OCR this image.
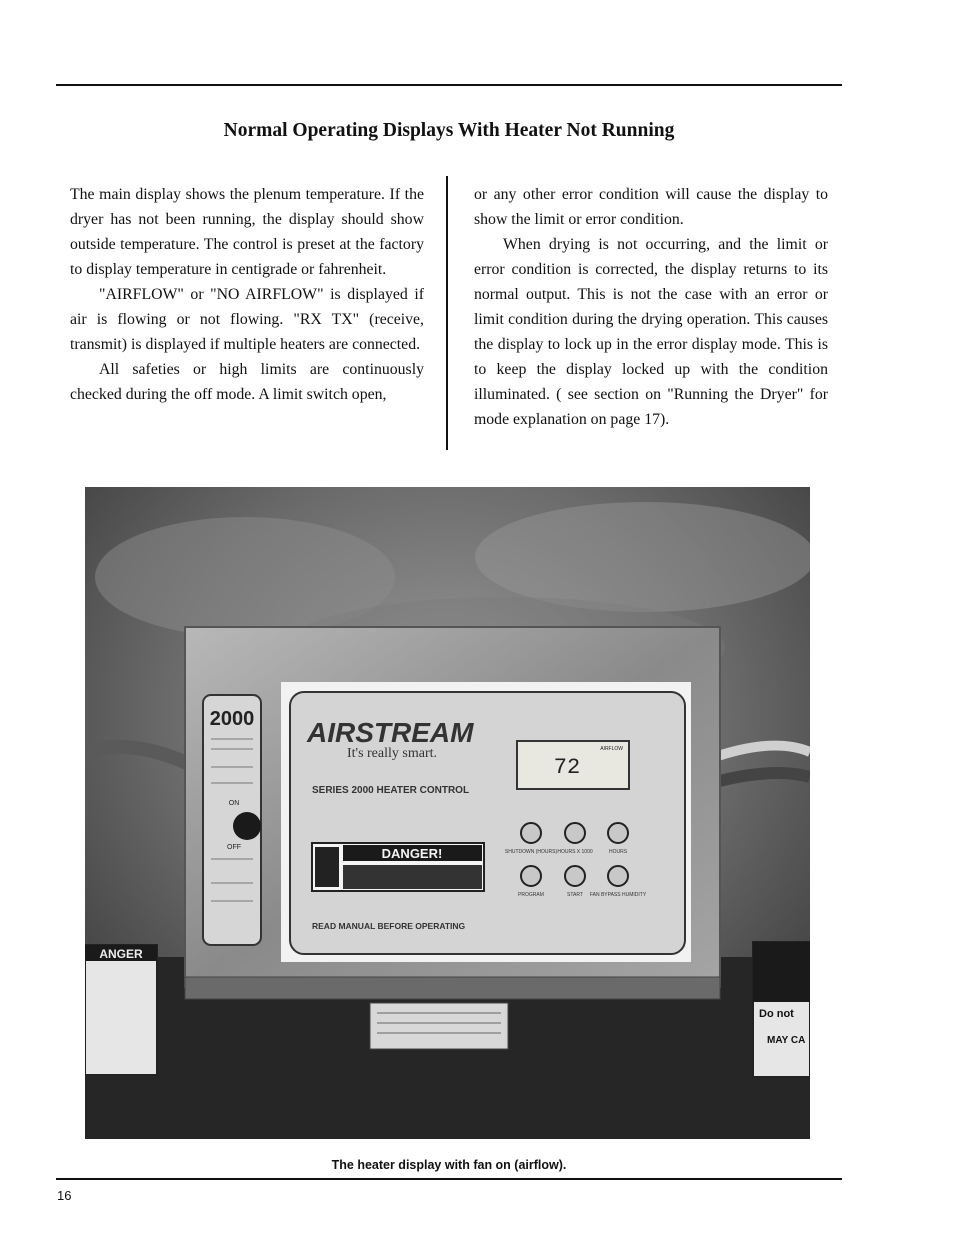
Normal Operating Displays With Heater Not Running

The main display shows the plenum temperature. If the dryer has not been running, the display should show outside temperature. The control is preset at the factory to display temperature in centigrade or fahrenheit.

"AIRFLOW" or "NO AIRFLOW" is displayed if air is flowing or not flowing. "RX TX" (receive, transmit) is displayed if multiple heaters are connected.

All safeties or high limits are continuously checked during the off mode. A limit switch open,

or any other error condition will cause the display to show the limit or error condition.

When drying is not occurring, and the limit or error condition is corrected, the display returns to its normal output. This is not the case with an error or limit condition during the drying operation. This causes the display to lock up in the error display mode. This is to keep the display locked up with the condition illuminated. ( see section on "Running the Dryer" for mode explanation on page 17).

2000
ON
OFF
AIRSTREAM
It's really smart.
SERIES 2000 HEATER CONTROL
72
AIRFLOW
SHUTDOWN (HOURS) HOURS X 1000	HOURS
PROGRAM	START FAN BYPASS HUMIDITY
DANGER!
READ MANUAL BEFORE OPERATING
ANGER
Do not
MAY CA
The heater display with fan on (airflow).
16
